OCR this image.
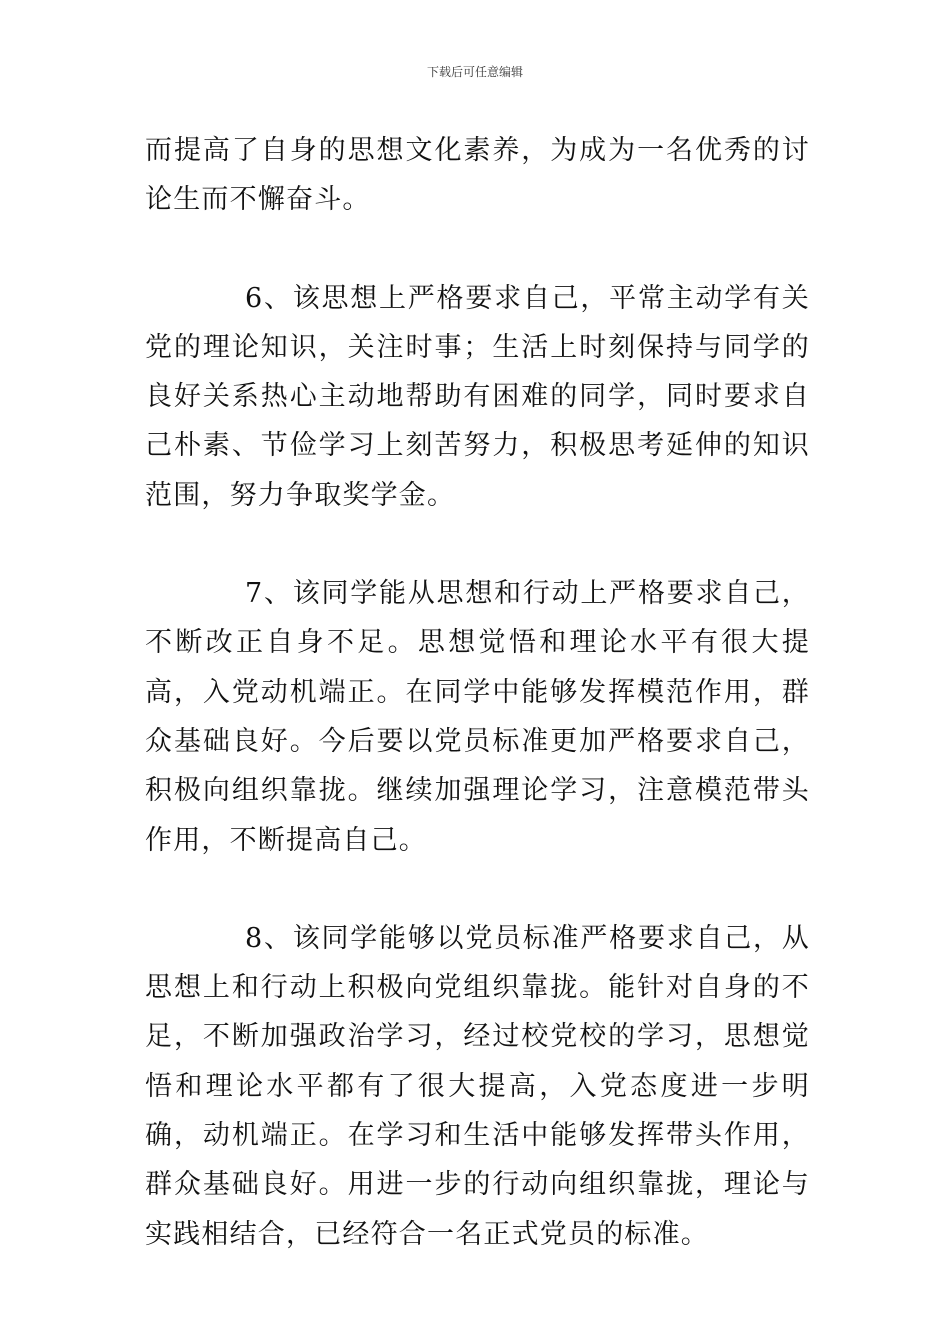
下载后可任意编辑

而提高了自身的思想文化素养，为成为一名优秀的讨论生而不懈奋斗。

6、该思想上严格要求自己，平常主动学有关党的理论知识，关注时事；生活上时刻保持与同学的良好关系热心主动地帮助有困难的同学，同时要求自己朴素、节俭学习上刻苦努力，积极思考延伸的知识范围，努力争取奖学金。

7、该同学能从思想和行动上严格要求自己，不断改正自身不足。思想觉悟和理论水平有很大提高，入党动机端正。在同学中能够发挥模范作用，群众基础良好。今后要以党员标准更加严格要求自己，积极向组织靠拢。继续加强理论学习，注意模范带头作用，不断提高自己。

8、该同学能够以党员标准严格要求自己，从思想上和行动上积极向党组织靠拢。能针对自身的不足，不断加强政治学习，经过校党校的学习，思想觉悟和理论水平都有了很大提高，入党态度进一步明确，动机端正。在学习和生活中能够发挥带头作用，群众基础良好。用进一步的行动向组织靠拢，理论与实践相结合，已经符合一名正式党员的标准。
